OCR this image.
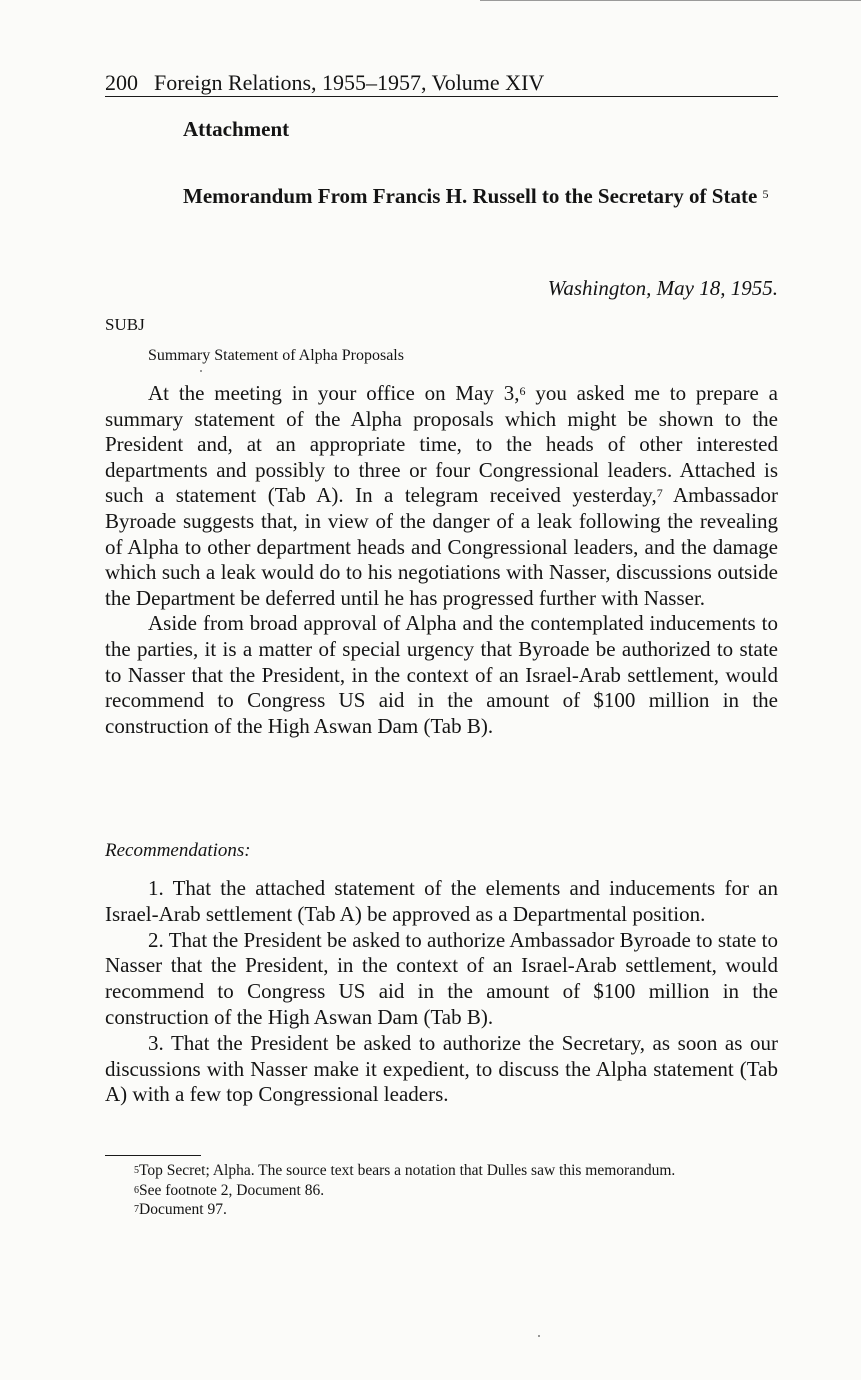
200 Foreign Relations, 1955–1957, Volume XIV
Attachment
Memorandum From Francis H. Russell to the Secretary of State $^5$
Washington, May 18, 1955.
SUBJ
Summary Statement of Alpha Proposals

At the meeting in your office on May 3,$^6$ you asked me to prepare a summary statement of the Alpha proposals which might be shown to the President and, at an appropriate time, to the heads of other interested departments and possibly to three or four Congressional leaders. Attached is such a statement (Tab A). In a telegram received yesterday,$^7$ Ambassador Byroade suggests that, in view of the danger of a leak following the revealing of Alpha to other department heads and Congressional leaders, and the damage which such a leak would do to his negotiations with Nasser, discussions outside the Department be deferred until he has progressed further with Nasser.

Aside from broad approval of Alpha and the contemplated inducements to the parties, it is a matter of special urgency that Byroade be authorized to state to Nasser that the President, in the context of an Israel-Arab settlement, would recommend to Congress US aid in the amount of $100 million in the construction of the High Aswan Dam (Tab B).

Recommendations:

1. That the attached statement of the elements and inducements for an Israel-Arab settlement (Tab A) be approved as a Departmental position.

2. That the President be asked to authorize Ambassador Byroade to state to Nasser that the President, in the context of an Israel-Arab settlement, would recommend to Congress US aid in the amount of $100 million in the construction of the High Aswan Dam (Tab B).

3. That the President be asked to authorize the Secretary, as soon as our discussions with Nasser make it expedient, to discuss the Alpha statement (Tab A) with a few top Congressional leaders.

$^5$Top Secret; Alpha. The source text bears a notation that Dulles saw this memorandum.

$^6$See footnote 2, Document 86.

$^7$Document 97.
